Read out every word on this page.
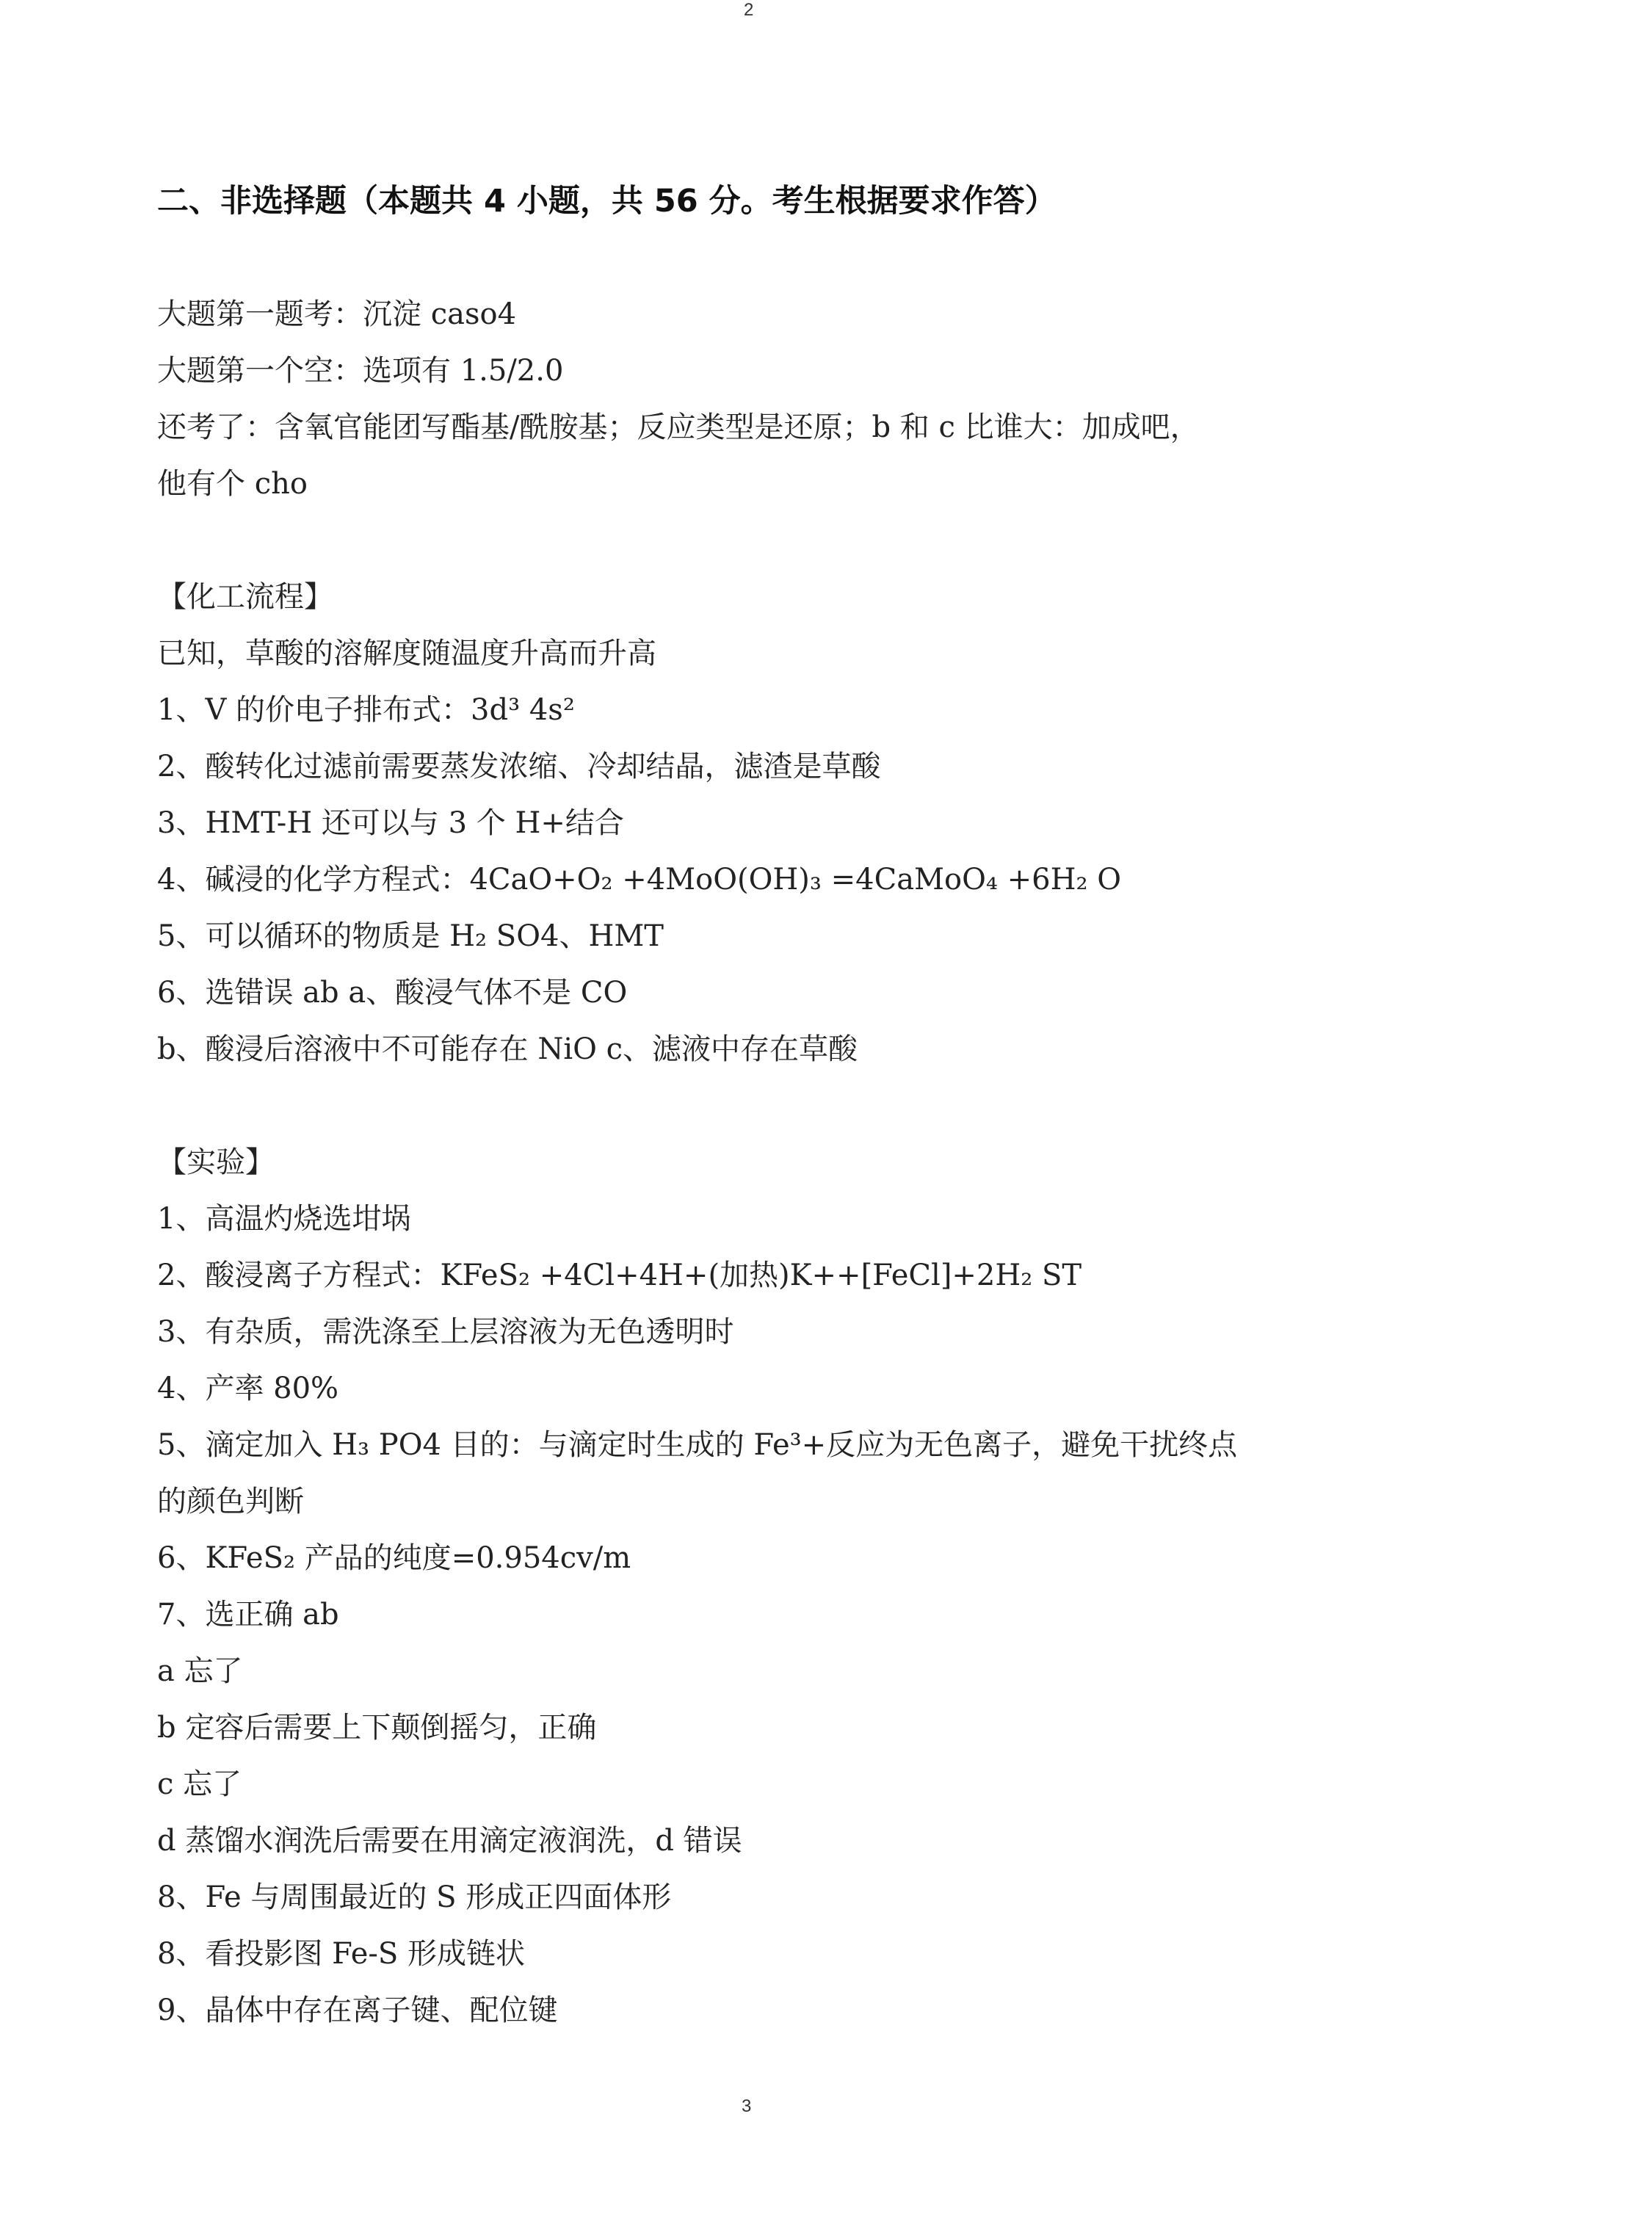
2
二、非选择题（本题共 4 小题，共 56 分。考生根据要求作答）
大题第一题考：沉淀 caso4
大题第一个空：选项有 1.5/2.0
还考了：含氧官能团写酯基/酰胺基；反应类型是还原；b 和 c 比谁大：加成吧，
他有个 cho
【化工流程】
已知，草酸的溶解度随温度升高而升高
1、V 的价电子排布式：3d³ 4s²
2、酸转化过滤前需要蒸发浓缩、冷却结晶，滤渣是草酸
3、HMT-H 还可以与 3 个 H+结合
4、碱浸的化学方程式：4CaO+O₂ +4MoO(OH)₃ =4CaMoO₄ +6H₂ O
5、可以循环的物质是 H₂ SO4、HMT
6、选错误 ab a、酸浸气体不是 CO
b、酸浸后溶液中不可能存在 NiO c、滤液中存在草酸
【实验】
1、高温灼烧选坩埚
2、酸浸离子方程式：KFeS₂ +4Cl+4H+(加热)K++[FeCl]+2H₂ ST
3、有杂质，需洗涤至上层溶液为无色透明时
4、产率 80%
5、滴定加入 H₃ PO4 目的：与滴定时生成的 Fe³+反应为无色离子，避免干扰终点
的颜色判断
6、KFeS₂ 产品的纯度=0.954cv/m
7、选正确 ab
a 忘了
b 定容后需要上下颠倒摇匀，正确
c 忘了
d 蒸馏水润洗后需要在用滴定液润洗，d 错误
8、Fe 与周围最近的 S 形成正四面体形
8、看投影图 Fe-S 形成链状
9、晶体中存在离子键、配位键
3
